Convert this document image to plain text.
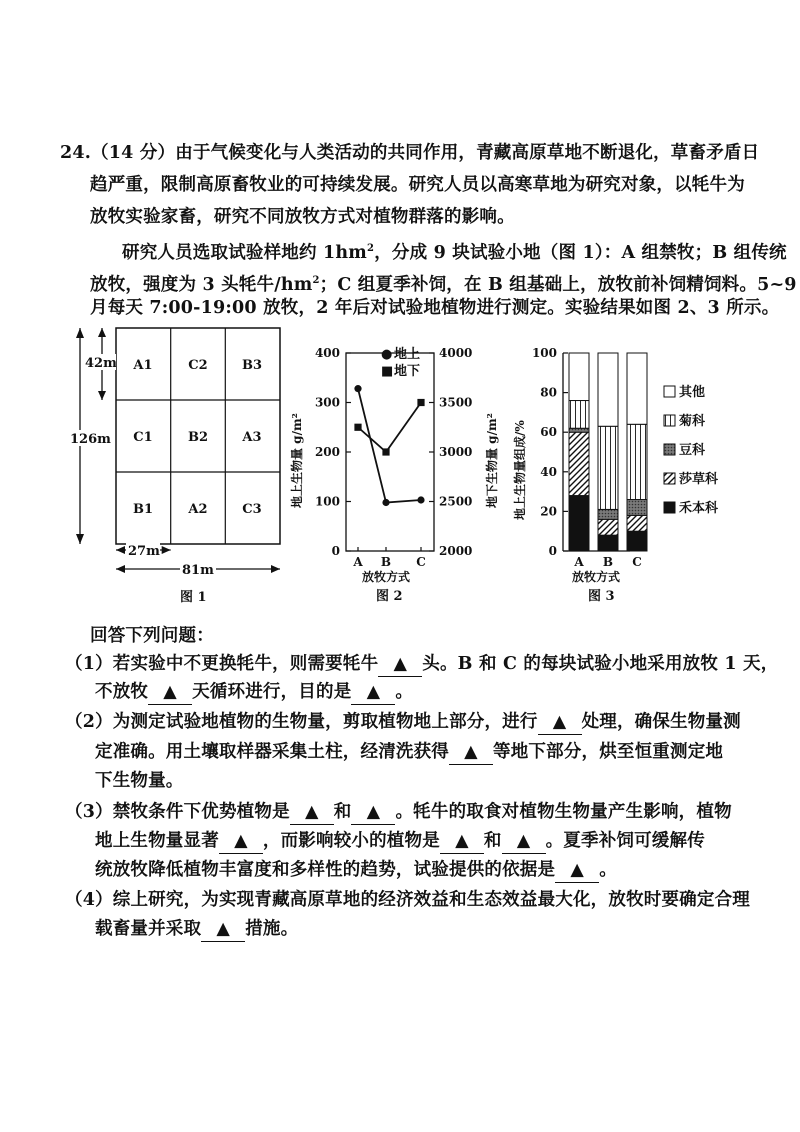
24.（14 分）由于气候变化与人类活动的共同作用，青藏高原草地不断退化，草畜矛盾日
趋严重，限制高原畜牧业的可持续发展。研究人员以高寒草地为研究对象，以牦牛为
放牧实验家畜，研究不同放牧方式对植物群落的影响。
研究人员选取试验样地约 $1hm^2$，分成 9 块试验小地（图 1）：A 组禁牧；B 组传统
放牧，强度为 3 头牦牛$/hm^2$；C 组夏季补饲，在 B 组基础上，放牧前补饲精饲料。5~9
月每天 7:00-19:00 放牧，2 年后对试验地植物进行测定。实验结果如图 2、3 所示。
A1	C2	B3
C1	B2	A3
B1	A2	C3
126m
42m
27m
81m
图 1
0
100
200
300
400
2000
2500
3000
3500
4000
A B C
地上生物量 g/m²	地下生物量 g/m²
● 地上
■ 地下
放牧方式
图 2
0
20
40
60
80
100
A B C
地上生物量组成/%
其他
菊科
豆科
莎草科
禾本科
放牧方式
图 3
回答下列问题：
（1）若实验中不更换牦牛，则需要牦牛 ▲ 头。B 和 C 的每块试验小地采用放牧 1 天，
不放牧 ▲ 天循环进行，目的是 ▲ 。
（2）为测定试验地植物的生物量，剪取植物地上部分，进行 ▲ 处理，确保生物量测
定准确。用土壤取样器采集土柱，经清洗获得 ▲ 等地下部分，烘至恒重测定地
下生物量。
（3）禁牧条件下优势植物是 ▲ 和 ▲ 。牦牛的取食对植物生物量产生影响，植物
地上生物量显著 ▲ ，而影响较小的植物是 ▲ 和 ▲ 。夏季补饲可缓解传
统放牧降低植物丰富度和多样性的趋势，试验提供的依据是 ▲ 。
（4）综上研究，为实现青藏高原草地的经济效益和生态效益最大化，放牧时要确定合理
载畜量并采取 ▲ 措施。
